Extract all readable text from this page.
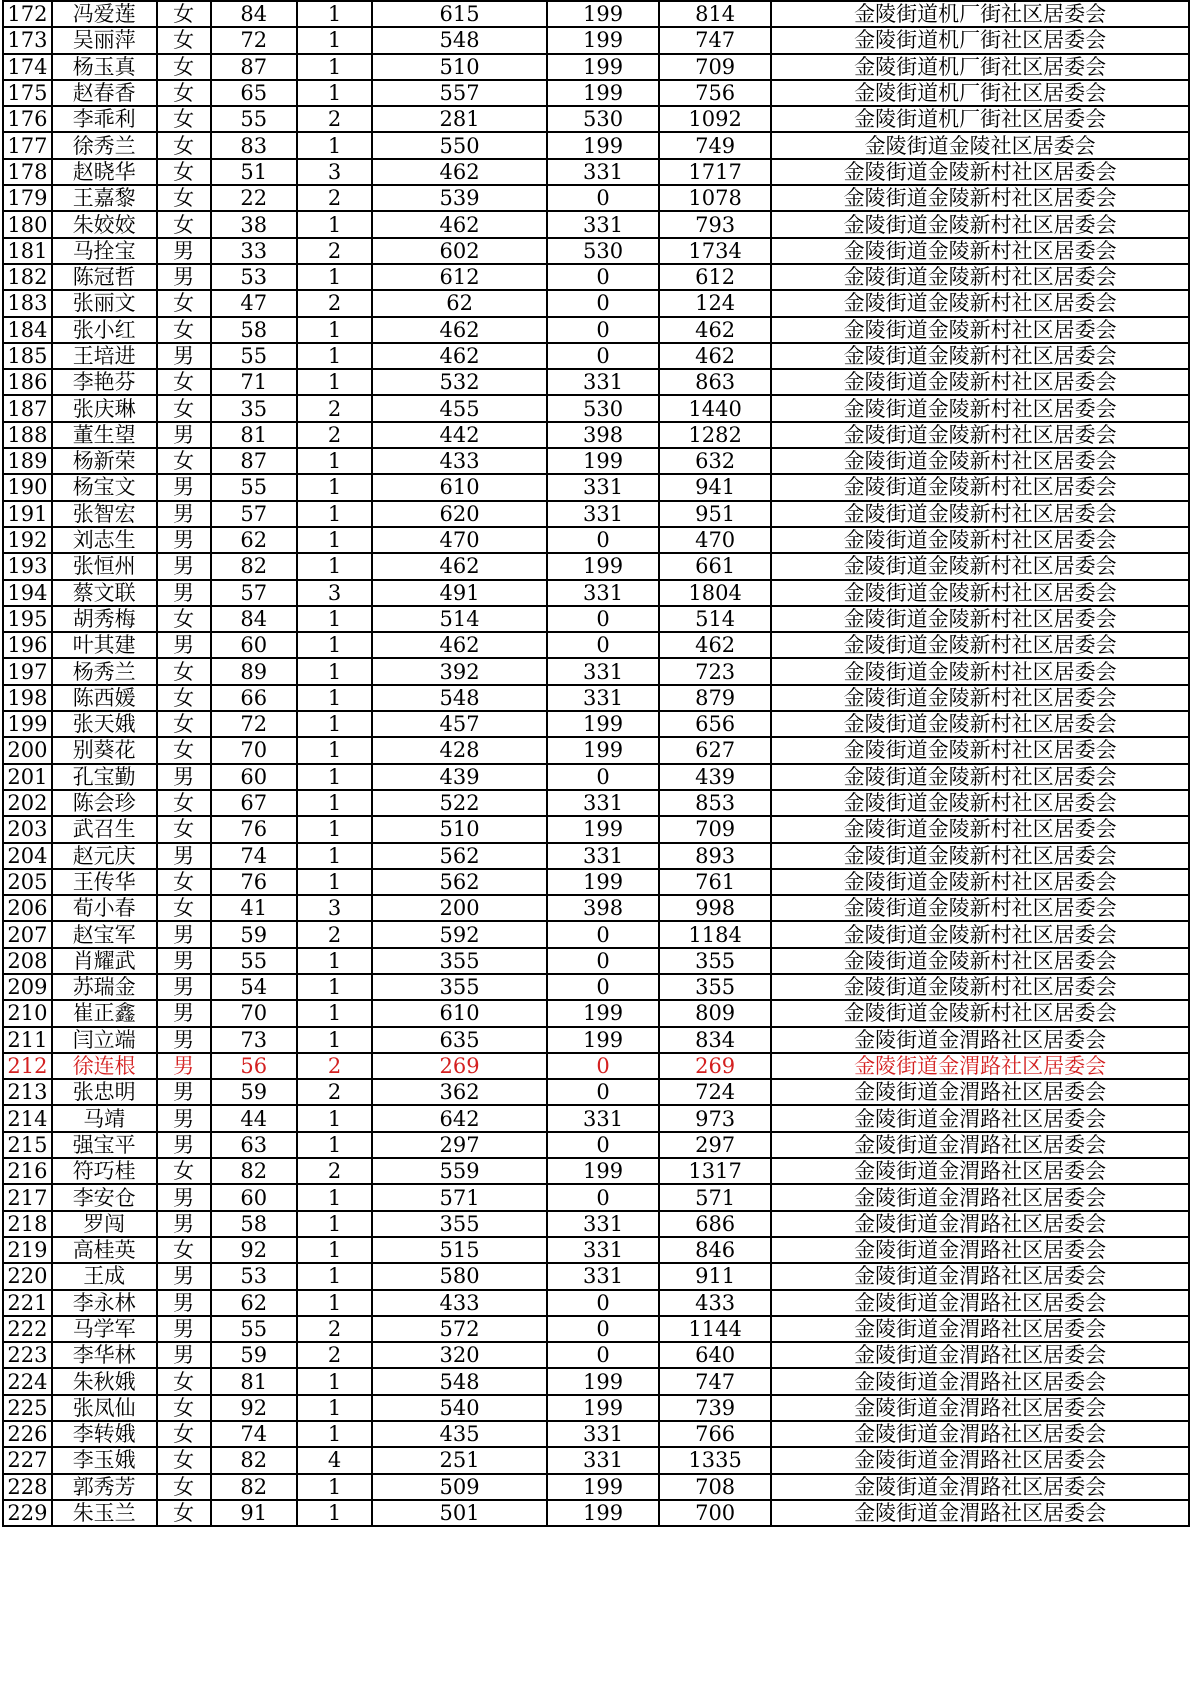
172	冯爱莲	女	84	1	615	199	814	金陵街道机厂街社区居委会
173	吴丽萍	女	72	1	548	199	747	金陵街道机厂街社区居委会
174	杨玉真	女	87	1	510	199	709	金陵街道机厂街社区居委会
175	赵春香	女	65	1	557	199	756	金陵街道机厂街社区居委会
176	李乖利	女	55	2	281	530	1092	金陵街道机厂街社区居委会
177	徐秀兰	女	83	1	550	199	749	金陵街道金陵社区居委会
178	赵晓华	女	51	3	462	331	1717	金陵街道金陵新村社区居委会
179	王嘉黎	女	22	2	539	0	1078	金陵街道金陵新村社区居委会
180	朱姣姣	女	38	1	462	331	793	金陵街道金陵新村社区居委会
181	马拴宝	男	33	2	602	530	1734	金陵街道金陵新村社区居委会
182	陈冠哲	男	53	1	612	0	612	金陵街道金陵新村社区居委会
183	张丽文	女	47	2	62	0	124	金陵街道金陵新村社区居委会
184	张小红	女	58	1	462	0	462	金陵街道金陵新村社区居委会
185	王培进	男	55	1	462	0	462	金陵街道金陵新村社区居委会
186	李艳芬	女	71	1	532	331	863	金陵街道金陵新村社区居委会
187	张庆琳	女	35	2	455	530	1440	金陵街道金陵新村社区居委会
188	董生望	男	81	2	442	398	1282	金陵街道金陵新村社区居委会
189	杨新荣	女	87	1	433	199	632	金陵街道金陵新村社区居委会
190	杨宝文	男	55	1	610	331	941	金陵街道金陵新村社区居委会
191	张智宏	男	57	1	620	331	951	金陵街道金陵新村社区居委会
192	刘志生	男	62	1	470	0	470	金陵街道金陵新村社区居委会
193	张恒州	男	82	1	462	199	661	金陵街道金陵新村社区居委会
194	蔡文联	男	57	3	491	331	1804	金陵街道金陵新村社区居委会
195	胡秀梅	女	84	1	514	0	514	金陵街道金陵新村社区居委会
196	叶其建	男	60	1	462	0	462	金陵街道金陵新村社区居委会
197	杨秀兰	女	89	1	392	331	723	金陵街道金陵新村社区居委会
198	陈西媛	女	66	1	548	331	879	金陵街道金陵新村社区居委会
199	张天娥	女	72	1	457	199	656	金陵街道金陵新村社区居委会
200	别葵花	女	70	1	428	199	627	金陵街道金陵新村社区居委会
201	孔宝勤	男	60	1	439	0	439	金陵街道金陵新村社区居委会
202	陈会珍	女	67	1	522	331	853	金陵街道金陵新村社区居委会
203	武召生	女	76	1	510	199	709	金陵街道金陵新村社区居委会
204	赵元庆	男	74	1	562	331	893	金陵街道金陵新村社区居委会
205	王传华	女	76	1	562	199	761	金陵街道金陵新村社区居委会
206	荀小春	女	41	3	200	398	998	金陵街道金陵新村社区居委会
207	赵宝军	男	59	2	592	0	1184	金陵街道金陵新村社区居委会
208	肖耀武	男	55	1	355	0	355	金陵街道金陵新村社区居委会
209	苏瑞金	男	54	1	355	0	355	金陵街道金陵新村社区居委会
210	崔正鑫	男	70	1	610	199	809	金陵街道金陵新村社区居委会
211	闫立端	男	73	1	635	199	834	金陵街道金渭路社区居委会
212	徐连根	男	56	2	269	0	269	金陵街道金渭路社区居委会
213	张忠明	男	59	2	362	0	724	金陵街道金渭路社区居委会
214	马靖	男	44	1	642	331	973	金陵街道金渭路社区居委会
215	强宝平	男	63	1	297	0	297	金陵街道金渭路社区居委会
216	符巧桂	女	82	2	559	199	1317	金陵街道金渭路社区居委会
217	李安仓	男	60	1	571	0	571	金陵街道金渭路社区居委会
218	罗闯	男	58	1	355	331	686	金陵街道金渭路社区居委会
219	高桂英	女	92	1	515	331	846	金陵街道金渭路社区居委会
220	王成	男	53	1	580	331	911	金陵街道金渭路社区居委会
221	李永林	男	62	1	433	0	433	金陵街道金渭路社区居委会
222	马学军	男	55	2	572	0	1144	金陵街道金渭路社区居委会
223	李华林	男	59	2	320	0	640	金陵街道金渭路社区居委会
224	朱秋娥	女	81	1	548	199	747	金陵街道金渭路社区居委会
225	张凤仙	女	92	1	540	199	739	金陵街道金渭路社区居委会
226	李转娥	女	74	1	435	331	766	金陵街道金渭路社区居委会
227	李玉娥	女	82	4	251	331	1335	金陵街道金渭路社区居委会
228	郭秀芳	女	82	1	509	199	708	金陵街道金渭路社区居委会
229	朱玉兰	女	91	1	501	199	700	金陵街道金渭路社区居委会
